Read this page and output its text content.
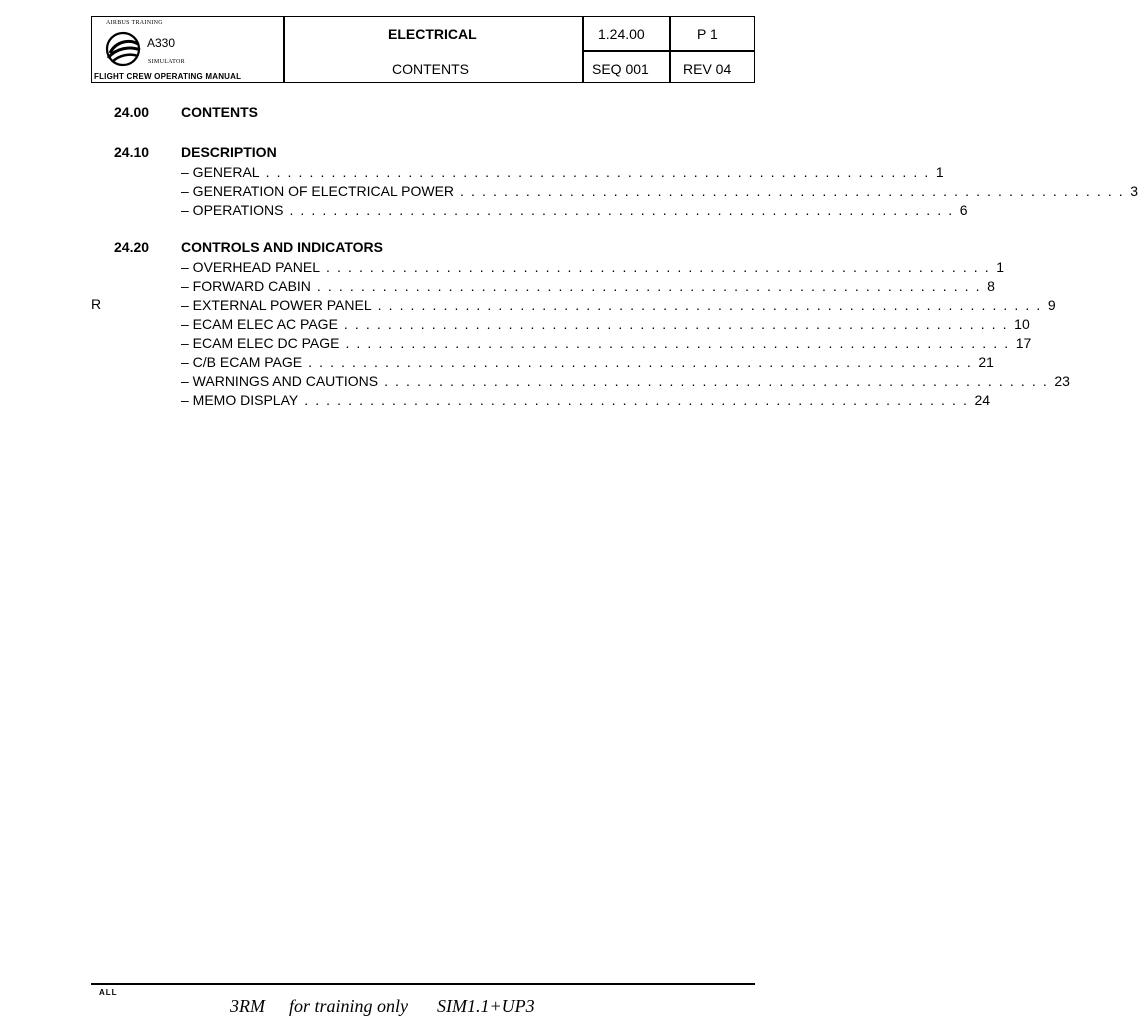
AIRBUS TRAINING
A330
SIMULATOR
FLIGHT CREW OPERATING MANUAL
ELECTRICAL
CONTENTS
1.24.00	P 1
SEQ 001 REV 04
24.00 CONTENTS
24.10 DESCRIPTION
– GENERAL . . . . . . . . . . . . . . . . . . . . . . . . . . . . . . . . . . . . . . . . . . . . . . . . . . . . . . . . . . . . . 1
– GENERATION OF ELECTRICAL POWER . . . . . . . . . . . . . . . . . . . . . . . . . . . . . . . . . . . . . . . . . . . . . . . . . . . . . . . . . . . . . 3
– OPERATIONS . . . . . . . . . . . . . . . . . . . . . . . . . . . . . . . . . . . . . . . . . . . . . . . . . . . . . . . . . . . . . 6
24.20 CONTROLS AND INDICATORS
– OVERHEAD PANEL . . . . . . . . . . . . . . . . . . . . . . . . . . . . . . . . . . . . . . . . . . . . . . . . . . . . . . . . . . . . . 1
– FORWARD CABIN . . . . . . . . . . . . . . . . . . . . . . . . . . . . . . . . . . . . . . . . . . . . . . . . . . . . . . . . . . . . . 8
R	– EXTERNAL POWER PANEL . . . . . . . . . . . . . . . . . . . . . . . . . . . . . . . . . . . . . . . . . . . . . . . . . . . . . . . . . . . . . 9
– ECAM ELEC AC PAGE . . . . . . . . . . . . . . . . . . . . . . . . . . . . . . . . . . . . . . . . . . . . . . . . . . . . . . . . . . . . . 10
– ECAM ELEC DC PAGE . . . . . . . . . . . . . . . . . . . . . . . . . . . . . . . . . . . . . . . . . . . . . . . . . . . . . . . . . . . . . 17
– C/B ECAM PAGE . . . . . . . . . . . . . . . . . . . . . . . . . . . . . . . . . . . . . . . . . . . . . . . . . . . . . . . . . . . . . 21
– WARNINGS AND CAUTIONS . . . . . . . . . . . . . . . . . . . . . . . . . . . . . . . . . . . . . . . . . . . . . . . . . . . . . . . . . . . . . 23
– MEMO DISPLAY . . . . . . . . . . . . . . . . . . . . . . . . . . . . . . . . . . . . . . . . . . . . . . . . . . . . . . . . . . . . . 24
ALL
3RM for training only SIM1.1+UP3
